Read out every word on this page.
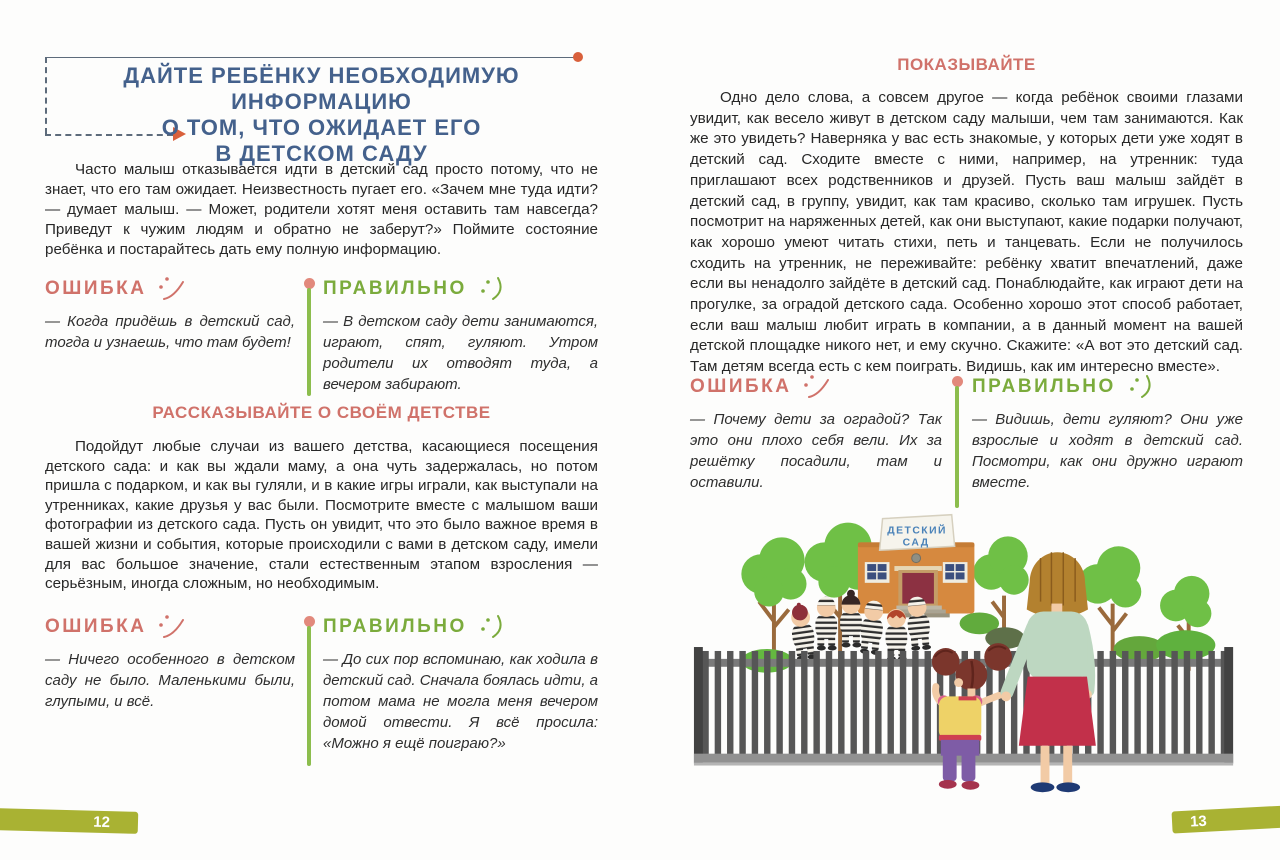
ДАЙТЕ РЕБЁНКУ НЕОБХОДИМУЮ ИНФОРМАЦИЮ
О ТОМ, ЧТО ОЖИДАЕТ ЕГО
В ДЕТСКОМ САДУ

Часто малыш отказывается идти в детский сад просто потому, что не знает, что его там ожидает. Неизвестность пугает его. «Зачем мне туда идти? — думает малыш. — Может, родители хотят меня оставить там навсегда? Приведут к чужим людям и обратно не заберут?» Поймите состояние ребёнка и постарайтесь дать ему полную информацию.

ОШИБКА

— Когда придёшь в детский сад, тогда и узнаешь, что там будет!

ПРАВИЛЬНО

— В детском саду дети занимаются, играют, спят, гуляют. Утром родители их отводят туда, а вечером забирают.

РАССКАЗЫВАЙТЕ О СВОЁМ ДЕТСТВЕ

Подойдут любые случаи из вашего детства, касающиеся посещения детского сада: и как вы ждали маму, а она чуть задержалась, но потом пришла с подарком, и как вы гуляли, и в какие игры играли, как выступали на утренниках, какие друзья у вас были. Посмотрите вместе с малышом ваши фотографии из детского сада. Пусть он увидит, что это было важное время в вашей жизни и события, которые происходили с вами в детском саду, имели для вас большое значение, стали естественным этапом взросления — серьёзным, иногда сложным, но необходимым.

ОШИБКА

— Ничего особенного в детском саду не было. Маленькими были, глупыми, и всё.

ПРАВИЛЬНО

— До сих пор вспоминаю, как ходила в детский сад. Сначала боялась идти, а потом мама не могла меня вечером домой отвести. Я всё просила: «Можно я ещё поиграю?»

ПОКАЗЫВАЙТЕ

Одно дело слова, а совсем другое — когда ребёнок своими глазами увидит, как весело живут в детском саду малыши, чем там занимаются. Как же это увидеть? Наверняка у вас есть знакомые, у которых дети уже ходят в детский сад. Сходите вместе с ними, например, на утренник: туда приглашают всех родственников и друзей. Пусть ваш малыш зайдёт в детский сад, в группу, увидит, как там красиво, сколько там игрушек. Пусть посмотрит на наряженных детей, как они выступают, какие подарки получают, как хорошо умеют читать стихи, петь и танцевать. Если не получилось сходить на утренник, не переживайте: ребёнку хватит впечатлений, даже если вы ненадолго зайдёте в детский сад. Понаблюдайте, как играют дети на прогулке, за оградой детского сада. Особенно хорошо этот способ работает, если ваш малыш любит играть в компании, а в данный момент на вашей детской площадке никого нет, и ему скучно. Скажите: «А вот это детский сад. Там детям всегда есть с кем поиграть. Видишь, как им интересно вместе».

ОШИБКА

— Почему дети за оградой? Так это они плохо себя вели. Их за решётку посадили, там и оставили.

ПРАВИЛЬНО

— Видишь, дети гуляют? Они уже взрослые и ходят в детский сад. Посмотри, как они дружно играют вместе.

ДЕТСКИЙ
САД
12	13
